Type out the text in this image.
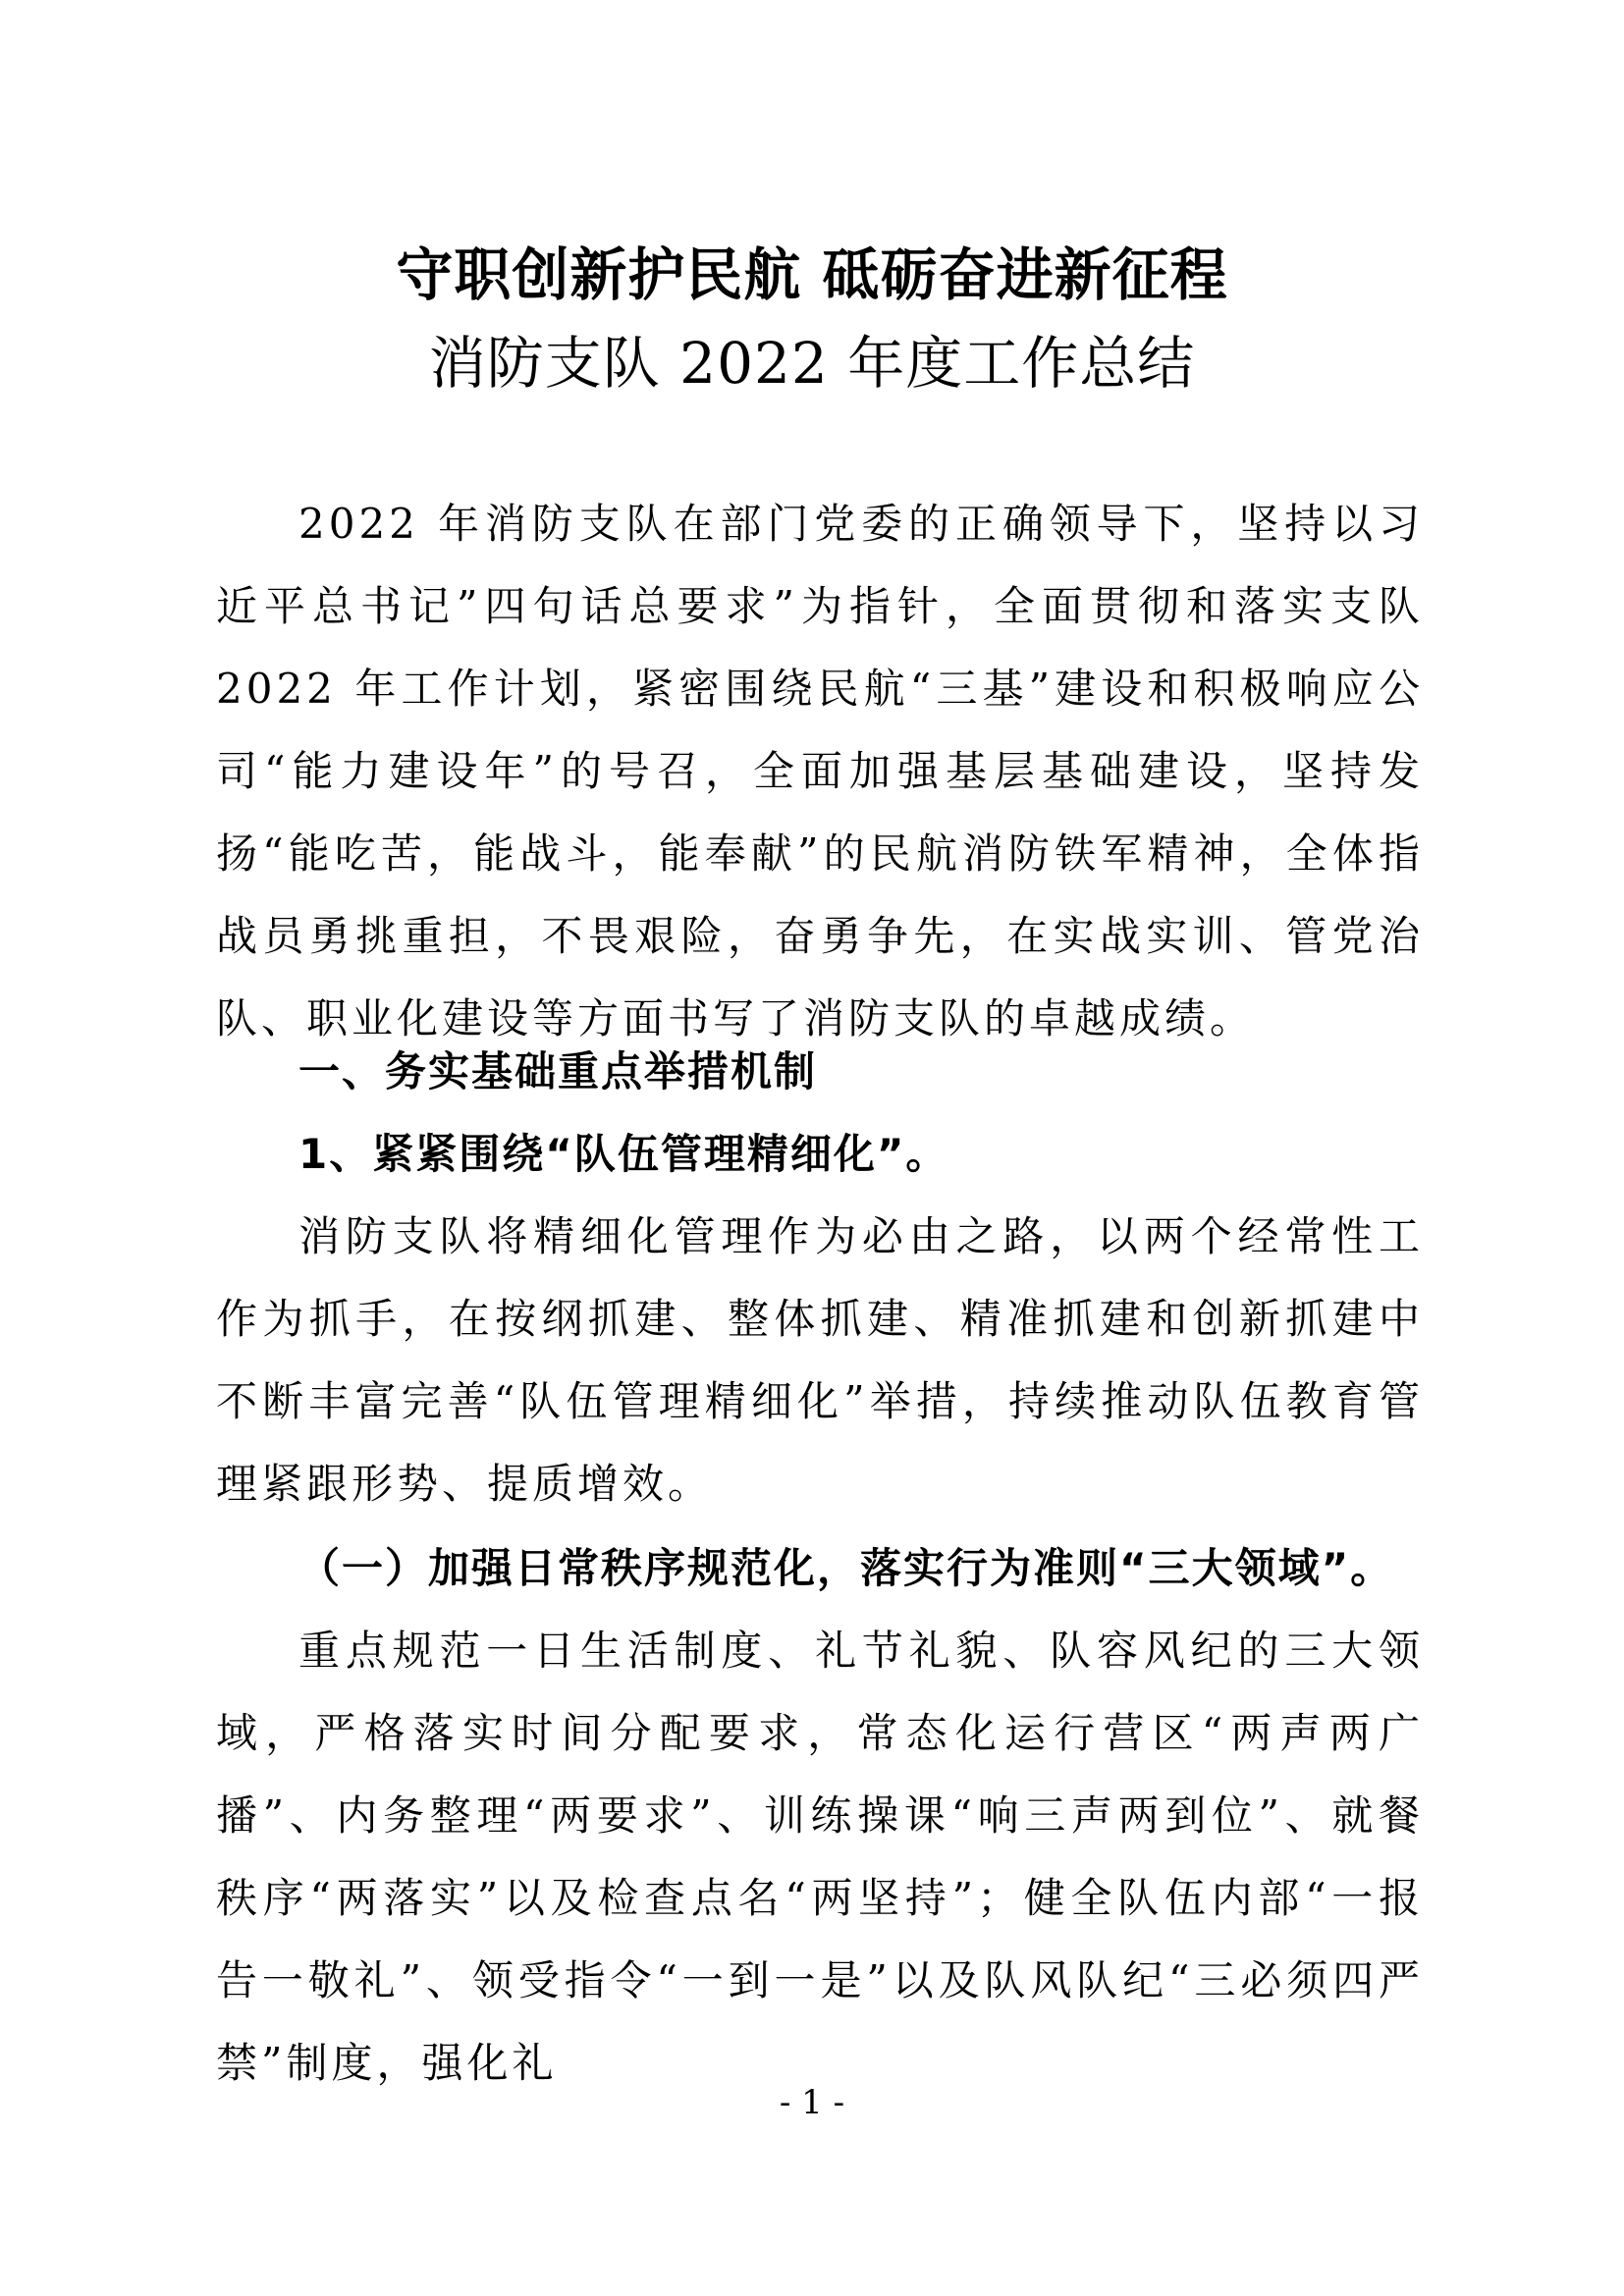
守职创新护民航 砥砺奋进新征程
消防支队 2022 年度工作总结

2022 年消防支队在部门党委的正确领导下，坚持以习近平总书记”四句话总要求”为指针，全面贯彻和落实支队 2022 年工作计划，紧密围绕民航“三基”建设和积极响应公司“能力建设年”的号召，全面加强基层基础建设，坚持发扬“能吃苦，能战斗，能奉献”的民航消防铁军精神，全体指战员勇挑重担，不畏艰险，奋勇争先，在实战实训、管党治队、职业化建设等方面书写了消防支队的卓越成绩。

一、务实基础重点举措机制

1、紧紧围绕“队伍管理精细化”。

消防支队将精细化管理作为必由之路，以两个经常性工作为抓手，在按纲抓建、整体抓建、精准抓建和创新抓建中不断丰富完善“队伍管理精细化”举措，持续推动队伍教育管理紧跟形势、提质增效。

（一）加强日常秩序规范化，落实行为准则“三大领域”。

重点规范一日生活制度、礼节礼貌、队容风纪的三大领域，严格落实时间分配要求，常态化运行营区“两声两广播”、内务整理“两要求”、训练操课“响三声两到位”、就餐秩序“两落实”以及检查点名“两坚持”；健全队伍内部“一报告一敬礼”、领受指令“一到一是”以及队风队纪“三必须四严禁”制度，强化礼

- 1 -
